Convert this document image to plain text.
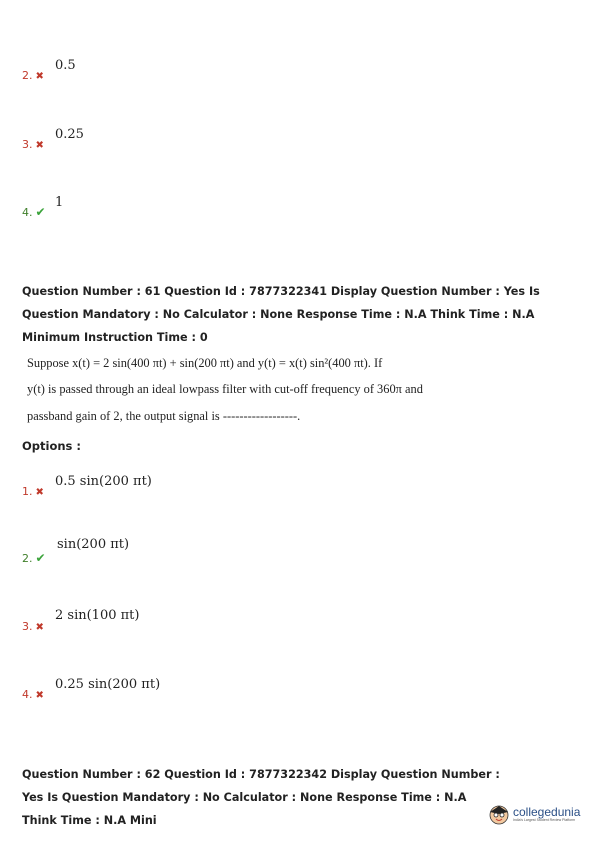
0.5
2. ✖
0.25
3. ✖
1
4. ✔
Question Number : 61 Question Id : 7877322341 Display Question Number : Yes Is Question Mandatory : No Calculator : None Response Time : N.A Think Time : N.A Minimum Instruction Time : 0
Suppose x(t) = 2 sin(400 πt) + sin(200 πt) and y(t) = x(t) sin²(400 πt). If
y(t) is passed through an ideal lowpass filter with cut-off frequency of 360π and
passband gain of 2, the output signal is ------------------.
Options :
0.5 sin(200 πt)
1. ✖
sin(200 πt)
2. ✔
2 sin(100 πt)
3. ✖
0.25 sin(200 πt)
4. ✖
Question Number : 62 Question Id : 7877322342 Display Question Number : Yes Is Question Mandatory : No Calculator : None Response Time : N.A Think Time : N.A Mini
collegedunia
India's Largest Student Review Platform
